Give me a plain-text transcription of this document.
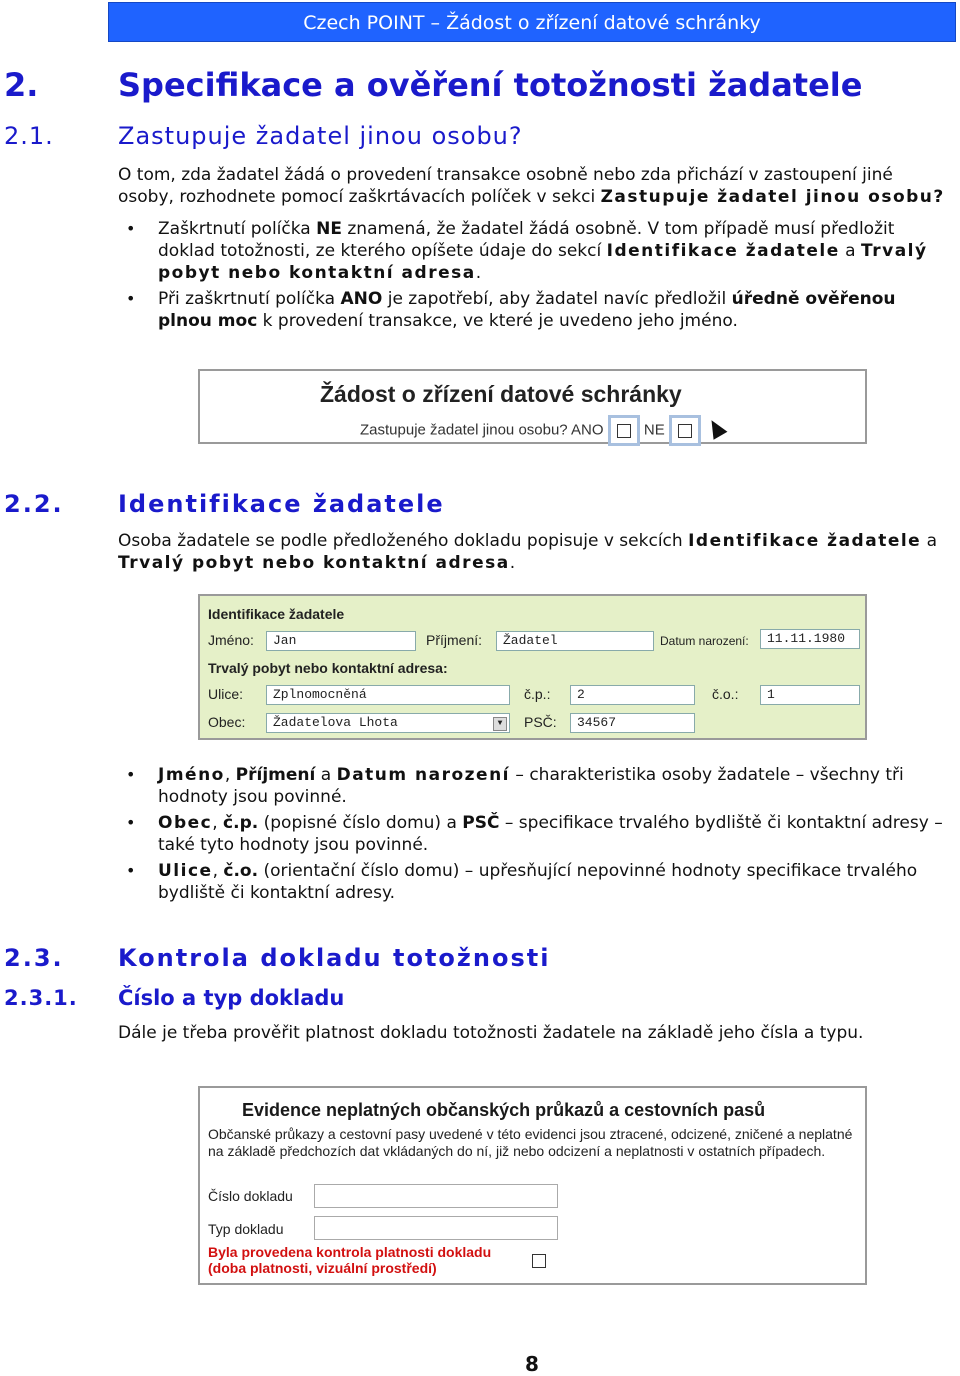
Czech POINT – Žádost o zřízení datové schránky
2. Specifikace a ověření totožnosti žadatele
2.1.	Zastupuje žadatel jinou osobu?
O tom, zda žadatel žádá o provedení transakce osobně nebo zda přichází v zastoupení jiné osoby, rozhodnete pomocí zaškrtávacích políček v sekci Zastupuje žadatel jinou osobu?
• Zaškrtnutí políčka NE znamená, že žadatel žádá osobně. V tom případě musí předložit doklad totožnosti, ze kterého opíšete údaje do sekcí Identifikace žadatele a Trvalý pobyt nebo kontaktní adresa.
• Při zaškrtnutí políčka ANO je zapotřebí, aby žadatel navíc předložil úředně ověřenou plnou moc k provedení transakce, ve které je uvedeno jeho jméno.
Žádost o zřízení datové schránky
Zastupuje žadatel jinou osobu? ANO	NE
2.2. Identifikace žadatele
Osoba žadatele se podle předloženého dokladu popisuje v sekcích Identifikace žadatele a Trvalý pobyt nebo kontaktní adresa.
Identifikace žadatele
Jméno:	Jan	Příjmení:	Žadatel	Datum narození:	11.11.1980
Trvalý pobyt nebo kontaktní adresa:
Ulice:	Zplnomocněná	č.p.:	2	č.o.:	1
Obec:	Žadatelova Lhota	▼	PSČ:	34567
• Jméno, Příjmení a Datum narození – charakteristika osoby žadatele – všechny tři hodnoty jsou povinné.
• Obec, č.p. (popisné číslo domu) a PSČ – specifikace trvalého bydliště či kontaktní adresy – také tyto hodnoty jsou povinné.
• Ulice, č.o. (orientační číslo domu) – upřesňující nepovinné hodnoty specifikace trvalého bydliště či kontaktní adresy.
2.3. Kontrola dokladu totožnosti
2.3.1. Číslo a typ dokladu
Dále je třeba prověřit platnost dokladu totožnosti žadatele na základě jeho čísla a typu.
Evidence neplatných občanských průkazů a cestovních pasů
Občanské průkazy a cestovní pasy uvedené v této evidenci jsou ztracené, odcizené, zničené a neplatné na základě předchozích dat vkládaných do ní, již nebo odcizení a neplatnosti v ostatních případech.
Číslo dokladu
Typ dokladu
Byla provedena kontrola platnosti dokladu
(doba platnosti, vizuální prostředí)
8
